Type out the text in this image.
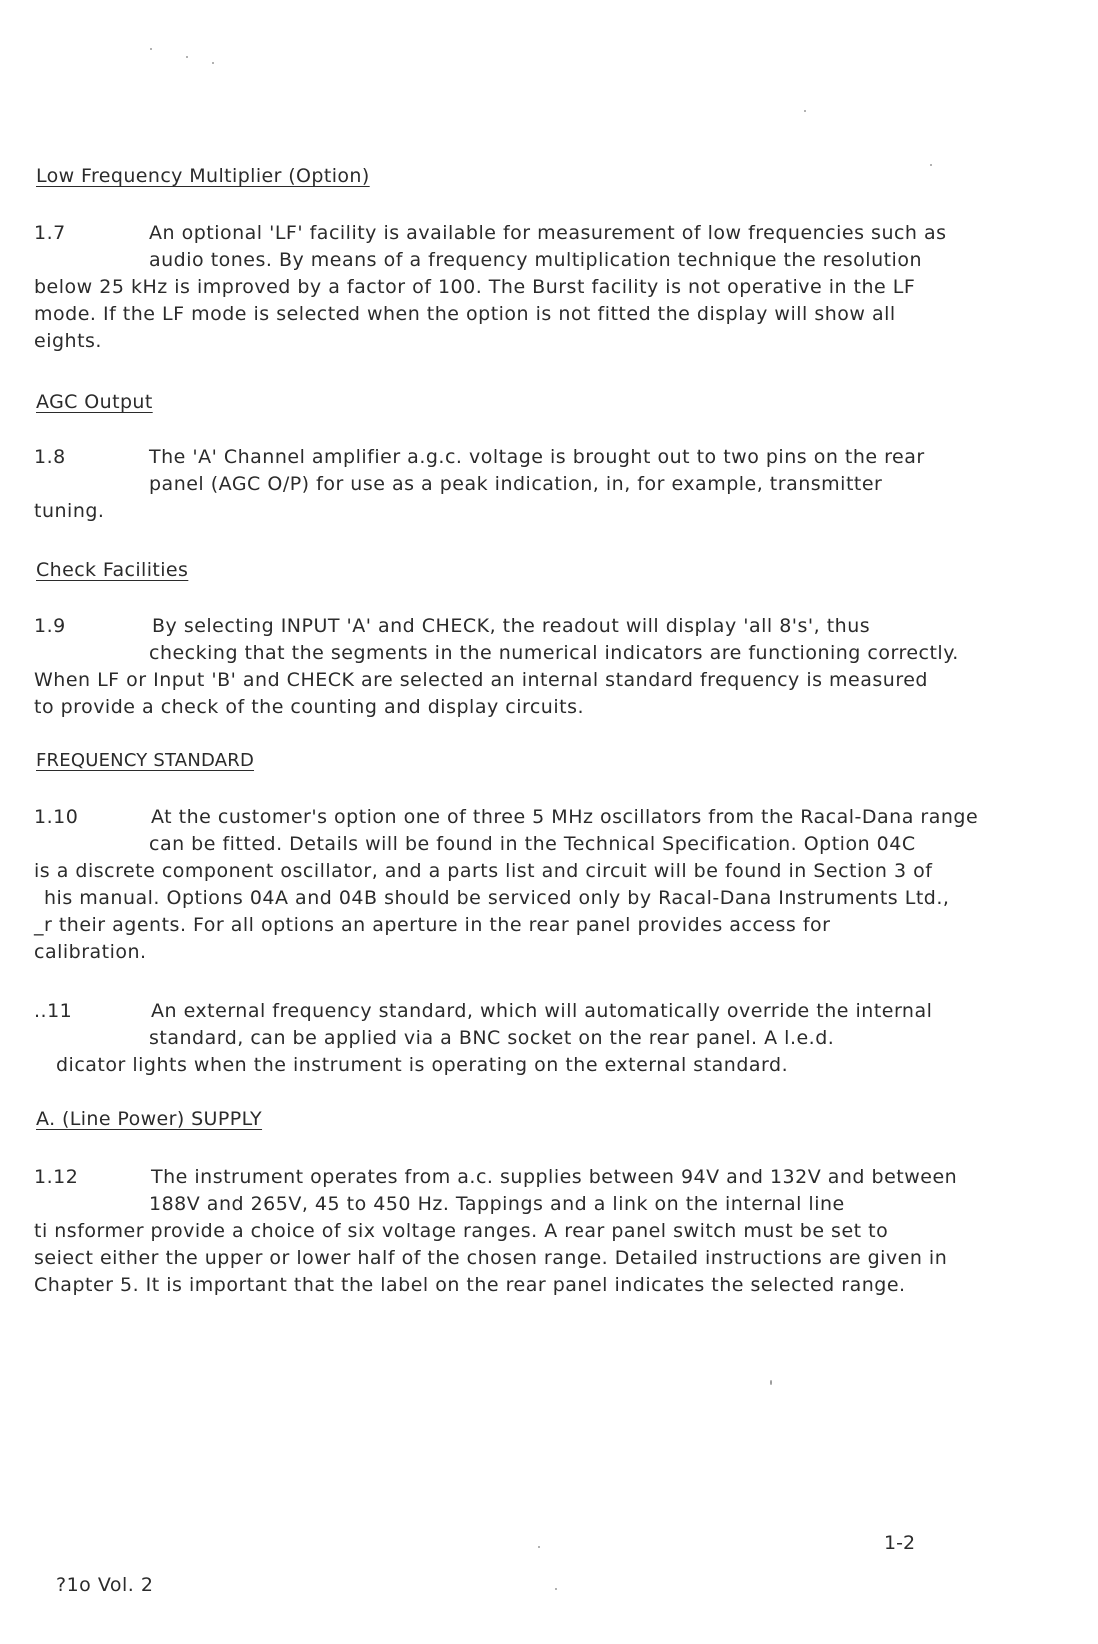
Low Frequency Multiplier (Option)
1.7	An optional 'LF' facility is available for measurement of low frequencies such as
audio tones. By means of a frequency multiplication technique the resolution
below 25 kHz is improved by a factor of 100. The Burst facility is not operative in the LF
mode. If the LF mode is selected when the option is not fitted the display will show all
eights.
AGC Output
1.8	The 'A' Channel amplifier a.g.c. voltage is brought out to two pins on the rear
panel (AGC O/P) for use as a peak indication, in, for example, transmitter
tuning.
Check Facilities
1.9	By selecting INPUT 'A' and CHECK, the readout will display 'all 8's', thus
checking that the segments in the numerical indicators are functioning correctly.
When LF or Input 'B' and CHECK are selected an internal standard frequency is measured
to provide a check of the counting and display circuits.
FREQUENCY STANDARD
1.10	At the customer's option one of three 5 MHz oscillators from the Racal-Dana range
can be fitted. Details will be found in the Technical Specification. Option 04C
is a discrete component oscillator, and a parts list and circuit will be found in Section 3 of
his manual. Options 04A and 04B should be serviced only by Racal-Dana Instruments Ltd.,
_r their agents. For all options an aperture in the rear panel provides access for
calibration.
..11	An external frequency standard, which will automatically override the internal
standard, can be applied via a BNC socket on the rear panel. A l.e.d.
dicator lights when the instrument is operating on the external standard.
A. (Line Power) SUPPLY
1.12	The instrument operates from a.c. supplies between 94V and 132V and between
188V and 265V, 45 to 450 Hz. Tappings and a link on the internal line
ti nsformer provide a choice of six voltage ranges. A rear panel switch must be set to
seiect either the upper or lower half of the chosen range. Detailed instructions are given in
Chapter 5. It is important that the label on the rear panel indicates the selected range.
1-2
?1o Vol. 2
